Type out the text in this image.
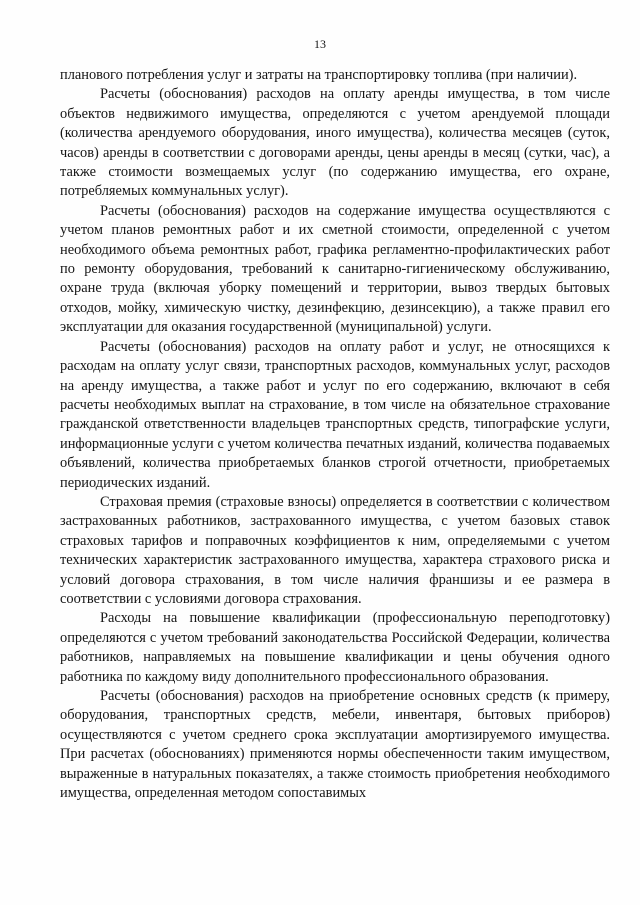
13

планового потребления услуг и затраты на транспортировку топлива (при наличии).

Расчеты (обоснования) расходов на оплату аренды имущества, в том числе объектов недвижимого имущества, определяются с учетом арендуемой площади (количества арендуемого оборудования, иного имущества), количества месяцев (суток, часов) аренды в соответствии с договорами аренды, цены аренды в месяц (сутки, час), а также стоимости возмещаемых услуг (по содержанию имущества, его охране, потребляемых коммунальных услуг).

Расчеты (обоснования) расходов на содержание имущества осуществляются с учетом планов ремонтных работ и их сметной стоимости, определенной с учетом необходимого объема ремонтных работ, графика регламентно-профилактических работ по ремонту оборудования, требований к санитарно-гигиеническому обслуживанию, охране труда (включая уборку помещений и территории, вывоз твердых бытовых отходов, мойку, химическую чистку, дезинфекцию, дезинсекцию), а также правил его эксплуатации для оказания государственной (муниципальной) услуги.

Расчеты (обоснования) расходов на оплату работ и услуг, не относящихся к расходам на оплату услуг связи, транспортных расходов, коммунальных услуг, расходов на аренду имущества, а также работ и услуг по его содержанию, включают в себя расчеты необходимых выплат на страхование, в том числе на обязательное страхование гражданской ответственности владельцев транспортных средств, типографские услуги, информационные услуги с учетом количества печатных изданий, количества подаваемых объявлений, количества приобретаемых бланков строгой отчетности, приобретаемых периодических изданий.

Страховая премия (страховые взносы) определяется в соответствии с количеством застрахованных работников, застрахованного имущества, с учетом базовых ставок страховых тарифов и поправочных коэффициентов к ним, определяемыми с учетом технических характеристик застрахованного имущества, характера страхового риска и условий договора страхования, в том числе наличия франшизы и ее размера в соответствии с условиями договора страхования.

Расходы на повышение квалификации (профессиональную переподготовку) определяются с учетом требований законодательства Российской Федерации, количества работников, направляемых на повышение квалификации и цены обучения одного работника по каждому виду дополнительного профессионального образования.

Расчеты (обоснования) расходов на приобретение основных средств (к примеру, оборудования, транспортных средств, мебели, инвентаря, бытовых приборов) осуществляются с учетом среднего срока эксплуатации амортизируемого имущества. При расчетах (обоснованиях) применяются нормы обеспеченности таким имуществом, выраженные в натуральных показателях, а также стоимость приобретения необходимого имущества, определенная методом сопоставимых
